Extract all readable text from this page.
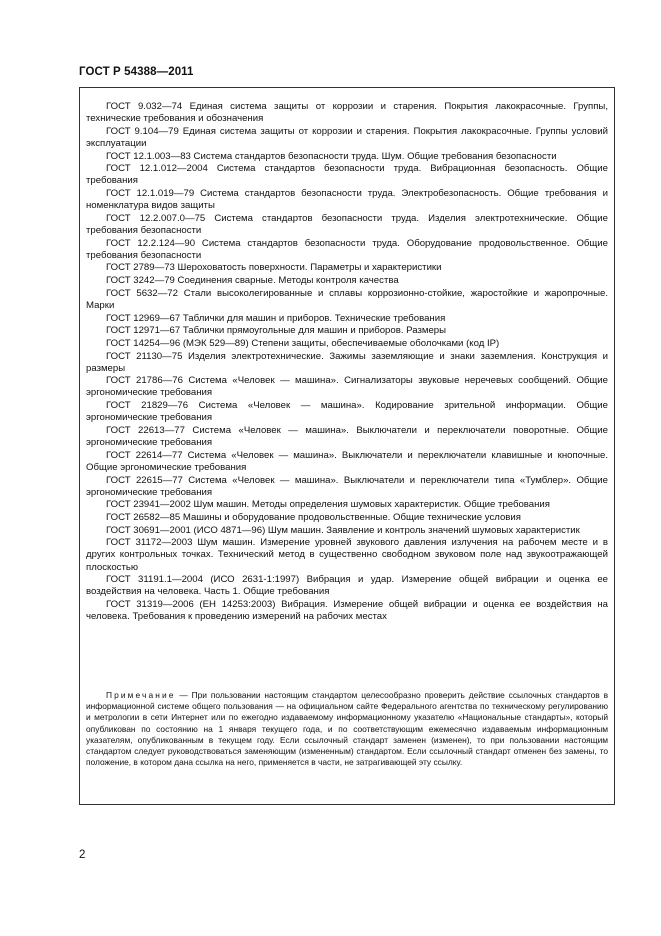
ГОСТ Р 54388—2011

ГОСТ 9.032—74 Единая система защиты от коррозии и старения. Покрытия лакокрасочные. Группы, технические требования и обозначения

ГОСТ 9.104—79 Единая система защиты от коррозии и старения. Покрытия лакокрасочные. Группы условий эксплуатации

ГОСТ 12.1.003—83 Система стандартов безопасности труда. Шум. Общие требования безопасности

ГОСТ 12.1.012—2004 Система стандартов безопасности труда. Вибрационная безопасность. Общие требования

ГОСТ 12.1.019—79 Система стандартов безопасности труда. Электробезопасность. Общие требования и номенклатура видов защиты

ГОСТ 12.2.007.0—75 Система стандартов безопасности труда. Изделия электротехнические. Общие требования безопасности

ГОСТ 12.2.124—90 Система стандартов безопасности труда. Оборудование продовольственное. Общие требования безопасности

ГОСТ 2789—73 Шероховатость поверхности. Параметры и характеристики

ГОСТ 3242—79 Соединения сварные. Методы контроля качества

ГОСТ 5632—72 Стали высоколегированные и сплавы коррозионно-стойкие, жаростойкие и жаропрочные. Марки

ГОСТ 12969—67 Таблички для машин и приборов. Технические требования

ГОСТ 12971—67 Таблички прямоугольные для машин и приборов. Размеры

ГОСТ 14254—96 (МЭК 529—89) Степени защиты, обеспечиваемые оболочками (код IP)

ГОСТ 21130—75 Изделия электротехнические. Зажимы заземляющие и знаки заземления. Конструкция и размеры

ГОСТ 21786—76 Система «Человек — машина». Сигнализаторы звуковые неречевых сообщений. Общие эргономические требования

ГОСТ 21829—76 Система «Человек — машина». Кодирование зрительной информации. Общие эргономические требования

ГОСТ 22613—77 Система «Человек — машина». Выключатели и переключатели поворотные. Общие эргономические требования

ГОСТ 22614—77 Система «Человек — машина». Выключатели и переключатели клавишные и кнопочные. Общие эргономические требования

ГОСТ 22615—77 Система «Человек — машина». Выключатели и переключатели типа «Тумблер». Общие эргономические требования

ГОСТ 23941—2002 Шум машин. Методы определения шумовых характеристик. Общие требования

ГОСТ 26582—85 Машины и оборудование продовольственные. Общие технические условия

ГОСТ 30691—2001 (ИСО 4871—96) Шум машин. Заявление и контроль значений шумовых характеристик

ГОСТ 31172—2003 Шум машин. Измерение уровней звукового давления излучения на рабочем месте и в других контрольных точках. Технический метод в существенно свободном звуковом поле над звукоотражающей плоскостью

ГОСТ 31191.1—2004 (ИСО 2631-1:1997) Вибрация и удар. Измерение общей вибрации и оценка ее воздействия на человека. Часть 1. Общие требования

ГОСТ 31319—2006 (ЕН 14253:2003) Вибрация. Измерение общей вибрации и оценка ее воздействия на человека. Требования к проведению измерений на рабочих местах

Примечание — При пользовании настоящим стандартом целесообразно проверить действие ссылочных стандартов в информационной системе общего пользования — на официальном сайте Федерального агентства по техническому регулированию и метрологии в сети Интернет или по ежегодно издаваемому информационному указателю «Национальные стандарты», который опубликован по состоянию на 1 января текущего года, и по соответствующим ежемесячно издаваемым информационным указателям, опубликованным в текущем году. Если ссылочный стандарт заменен (изменен), то при пользовании настоящим стандартом следует руководствоваться заменяющим (измененным) стандартом. Если ссылочный стандарт отменен без замены, то положение, в котором дана ссылка на него, применяется в части, не затрагивающей эту ссылку.

2
